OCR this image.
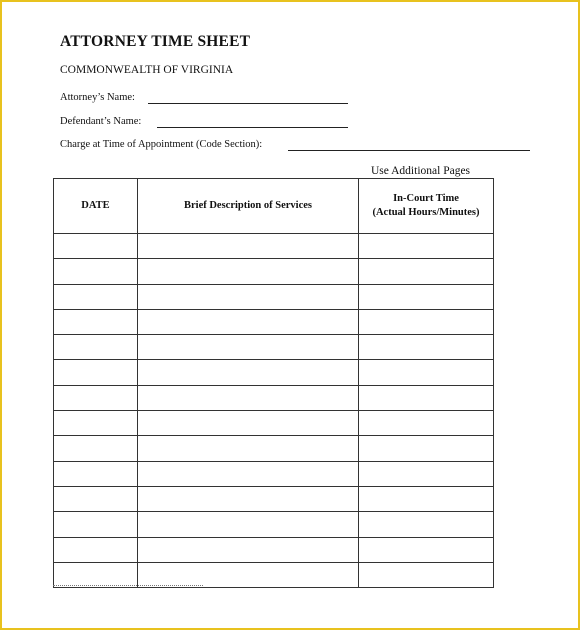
ATTORNEY TIME SHEET
COMMONWEALTH OF VIRGINIA
Attorney’s Name:
Defendant’s Name:
Charge at Time of Appointment (Code Section):
Use Additional Pages
DATE	Brief Description of Services	In-Court Time
(Actual Hours/Minutes)
